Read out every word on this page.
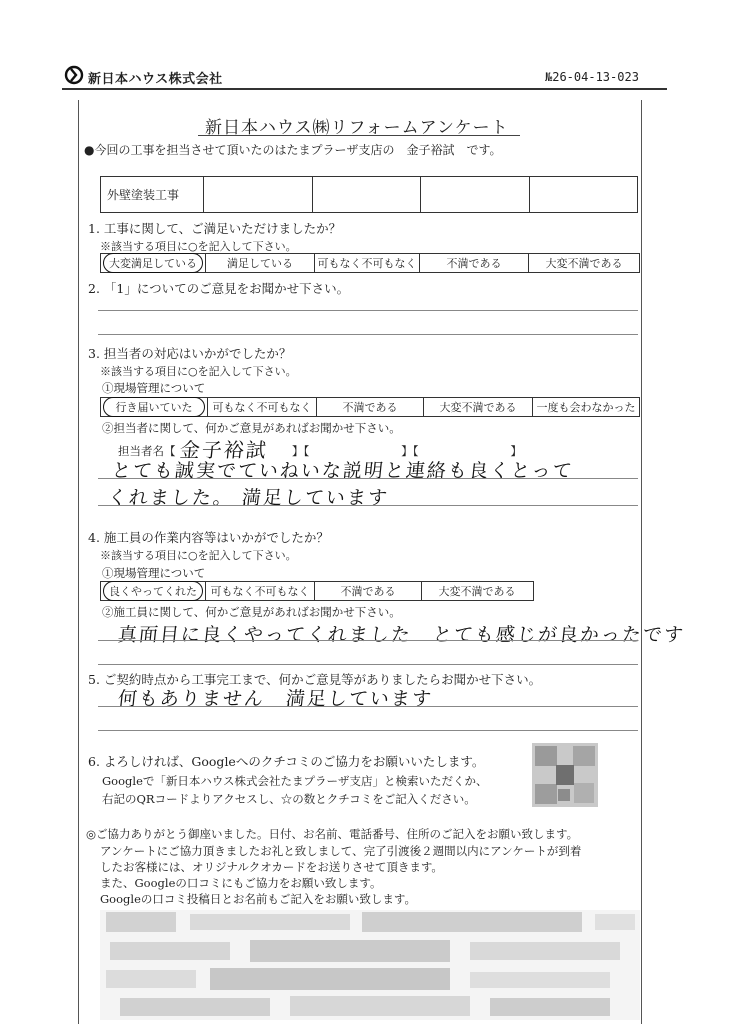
新日本ハウス株式会社	№26-04-13-023
新日本ハウス㈱リフォームアンケート
●今回の工事を担当させて頂いたのはたまプラーザ支店の 金子裕試　 です。
外壁塗装工事				
1. 工事に関して、ご満足いただけましたか？
※該当する項目に○を記入して下さい。
大変満足している	満足している	可もなく不可もなく	不満である	大変不満である
2. 「1」についてのご意見をお聞かせ下さい。
3. 担当者の対応はいかがでしたか？
※該当する項目に○を記入して下さい。
①現場管理について
行き届いていた	可もなく不可もなく	不満である	大変不満である	一度も会わなかった
②担当者に関して、何かご意見があればお聞かせ下さい。
担当者名【 金子裕試 】【　　　　　　　　】【　　　　　　　　】
とても誠実でていねいな説明と連絡も良くとって
くれました。 満足しています
4. 施工員の作業内容等はいかがでしたか？
※該当する項目に○を記入して下さい。
①現場管理について
良くやってくれた	可もなく不可もなく	不満である	大変不満である
②施工員に関して、何かご意見があればお聞かせ下さい。
真面目に良くやってくれました　とても感じが良かったです
5. ご契約時点から工事完工まで、何かご意見等がありましたらお聞かせ下さい。
何もありません　満足しています
6. よろしければ、Googleへのクチコミのご協力をお願いいたします。
Googleで「新日本ハウス株式会社たまプラーザ支店」と検索いただくか、
右記のQRコードよりアクセスし、☆の数とクチコミをご記入ください。
◎ご協力ありがとう御座いました。日付、お名前、電話番号、住所のご記入をお願い致します。
アンケートにご協力頂きましたお礼と致しまして、完了引渡後２週間以内にアンケートが到着
したお客様には、オリジナルクオカードをお送りさせて頂きます。
また、Googleの口コミにもご協力をお願い致します。
Googleの口コミ投稿日とお名前もご記入をお願い致します。
